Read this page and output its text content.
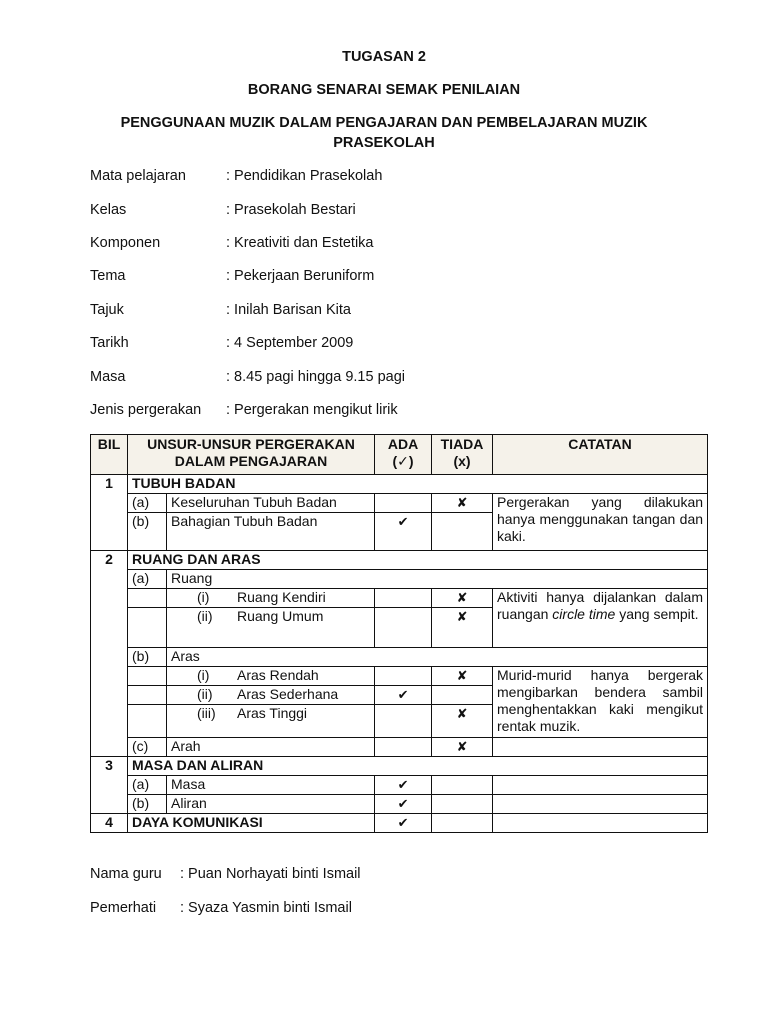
TUGASAN 2
BORANG SENARAI SEMAK PENILAIAN
PENGGUNAAN MUZIK DALAM PENGAJARAN DAN PEMBELAJARAN MUZIK PRASEKOLAH
Mata pelajaran	: Pendidikan Prasekolah
Kelas	: Prasekolah Bestari
Komponen	: Kreativiti dan Estetika
Tema	: Pekerjaan Beruniform
Tajuk	: Inilah Barisan Kita
Tarikh	: 4 September 2009
Masa	: 8.45 pagi hingga 9.15 pagi
Jenis pergerakan : Pergerakan mengikut lirik
BIL	UNSUR-UNSUR PERGERAKAN DALAM PENGAJARAN		ADA (✓)	TIADA (x)	CATATAN
1	TUBUH BADAN				
	(a)	Keseluruhan Tubuh Badan		✘	Pergerakan yang dilakukan hanya menggunakan tangan dan kaki.
	(b)	Bahagian Tubuh Badan	✔		
2	RUANG DAN ARAS				
	(a)	Ruang			
		(i) Ruang Kendiri		✘	Aktiviti hanya dijalankan dalam ruangan circle time yang sempit.
		(ii) Ruang Umum		✘	
	(b)	Aras			
		(i) Aras Rendah		✘	Murid-murid hanya bergerak mengibarkan bendera sambil menghentakkan kaki mengikut rentak muzik.
		(ii) Aras Sederhana	✔		
		(iii) Aras Tinggi		✘	
	(c)	Arah		✘	
3	MASA DAN ALIRAN				
	(a)	Masa	✔		
	(b)	Aliran	✔		
4	DAYA KOMUNIKASI		✔		
Nama guru : Puan Norhayati binti Ismail
Pemerhati : Syaza Yasmin binti Ismail
